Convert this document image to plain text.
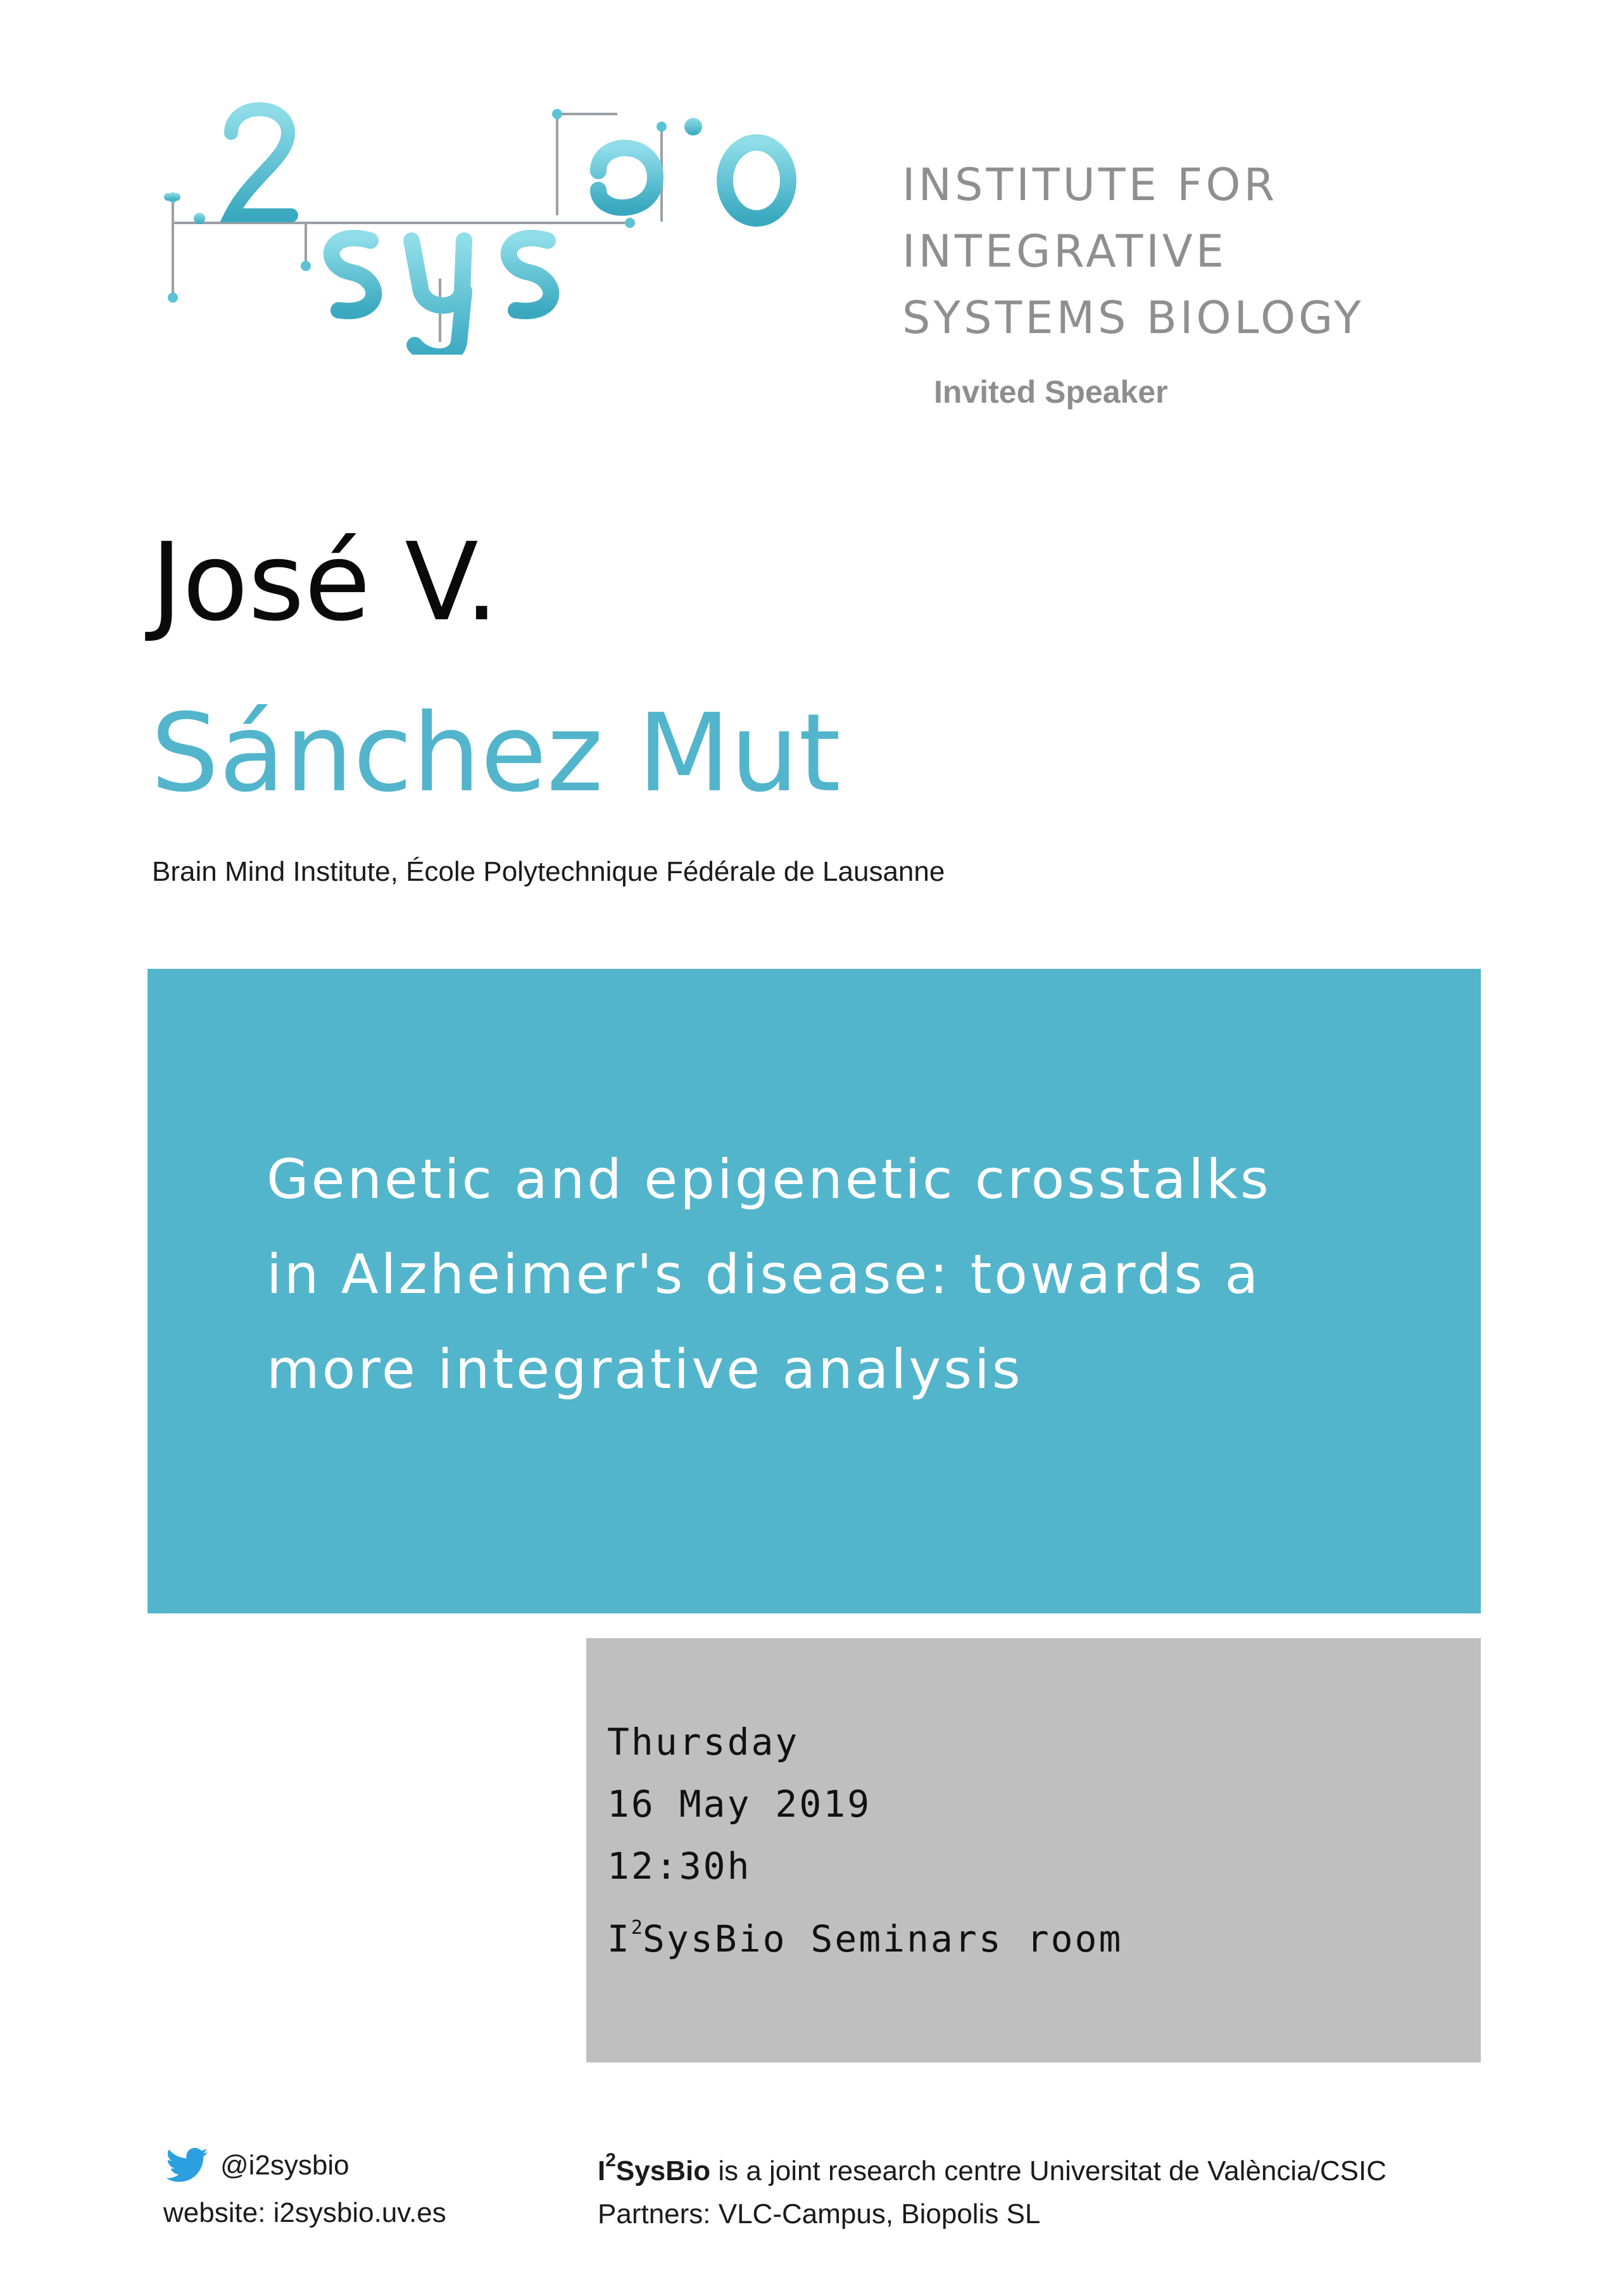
INSTITUTE FOR
INTEGRATIVE
SYSTEMS BIOLOGY
Invited Speaker
José V.
Sánchez Mut
Brain Mind Institute, École Polytechnique Fédérale de Lausanne
Genetic and epigenetic crosstalks
in Alzheimer's disease: towards a
more integrative analysis
Thursday
16 May 2019
12:30h
$I^2SysBio$ Seminars room
@i2sysbio
website: i2sysbio.uv.es
$I^2SysBio$ is a joint research centre Universitat de València/CSIC
Partners: VLC-Campus, Biopolis SL
